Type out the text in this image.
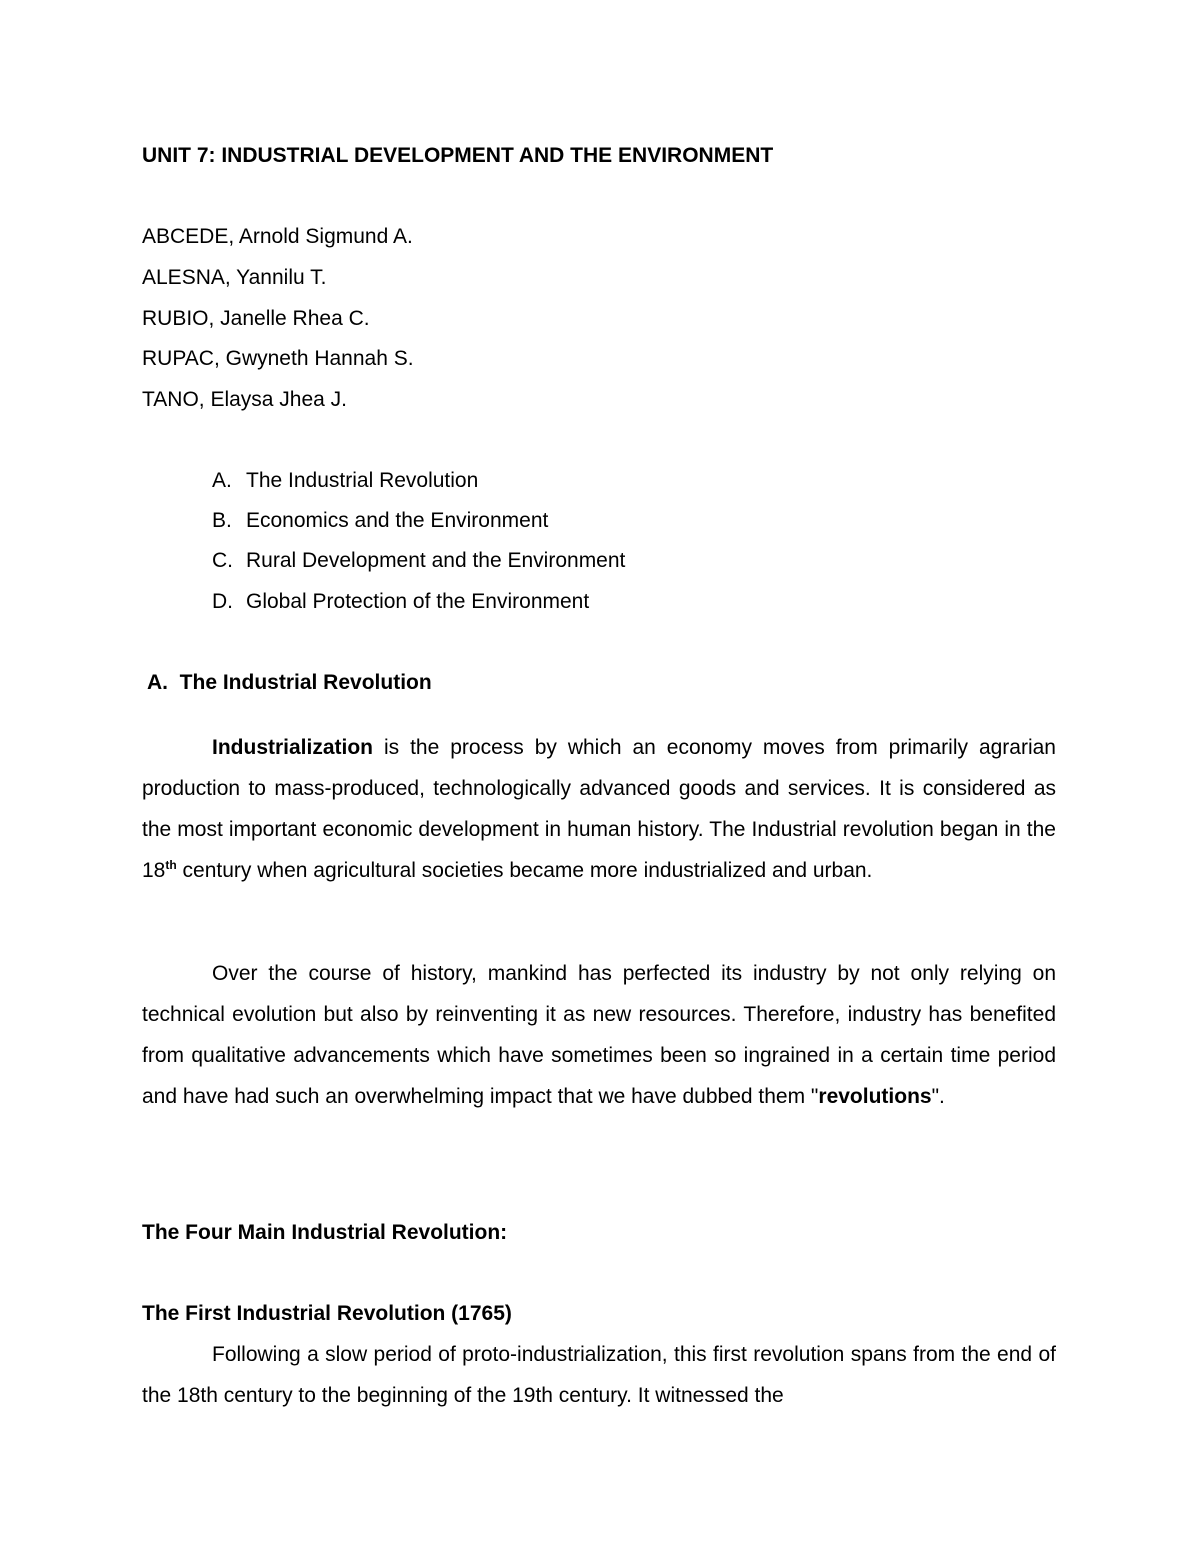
UNIT 7: INDUSTRIAL DEVELOPMENT AND THE ENVIRONMENT
ABCEDE, Arnold Sigmund A.
ALESNA, Yannilu T.
RUBIO, Janelle Rhea C.
RUPAC, Gwyneth Hannah S.
TANO, Elaysa Jhea J.
A. The Industrial Revolution
B. Economics and the Environment
C. Rural Development and the Environment
D. Global Protection of the Environment
A. The Industrial Revolution
Industrialization is the process by which an economy moves from primarily agrarian production to mass-produced, technologically advanced goods and services. It is considered as the most important economic development in human history. The Industrial revolution began in the 18th century when agricultural societies became more industrialized and urban.
Over the course of history, mankind has perfected its industry by not only relying on technical evolution but also by reinventing it as new resources. Therefore, industry has benefited from qualitative advancements which have sometimes been so ingrained in a certain time period and have had such an overwhelming impact that we have dubbed them "revolutions".
The Four Main Industrial Revolution:
The First Industrial Revolution (1765)
Following a slow period of proto-industrialization, this first revolution spans from the end of the 18th century to the beginning of the 19th century. It witnessed the
